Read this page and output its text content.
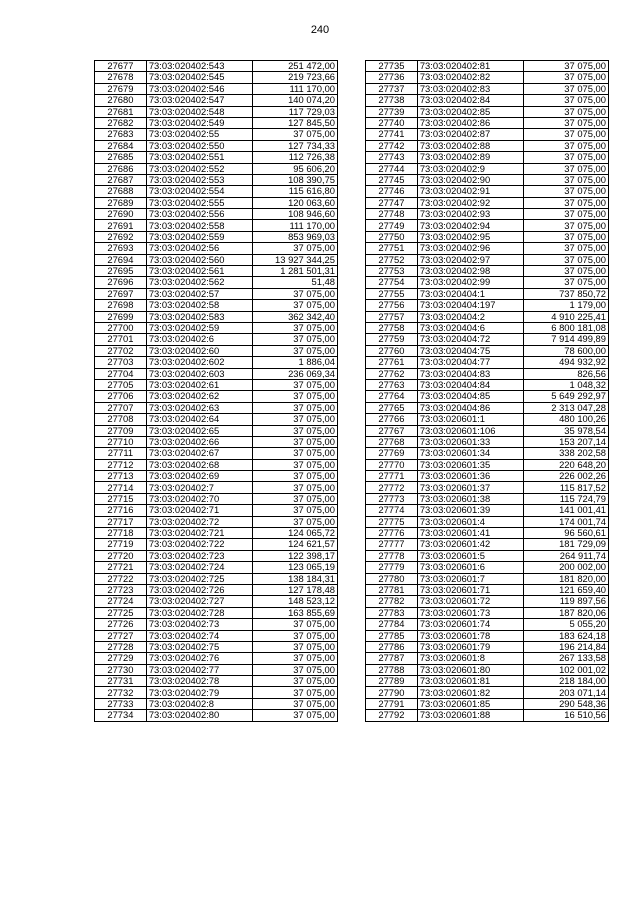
240
27677	73:03:020402:543	251 472,00
27678	73:03:020402:545	219 723,66
27679	73:03:020402:546	111 170,00
27680	73:03:020402:547	140 074,20
27681	73:03:020402:548	117 729,03
27682	73:03:020402:549	127 845,50
27683	73:03:020402:55	37 075,00
27684	73:03:020402:550	127 734,33
27685	73:03:020402:551	112 726,38
27686	73:03:020402:552	95 606,20
27687	73:03:020402:553	108 390,75
27688	73:03:020402:554	115 616,80
27689	73:03:020402:555	120 063,60
27690	73:03:020402:556	108 946,60
27691	73:03:020402:558	111 170,00
27692	73:03:020402:559	853 969,03
27693	73:03:020402:56	37 075,00
27694	73:03:020402:560	13 927 344,25
27695	73:03:020402:561	1 281 501,31
27696	73:03:020402:562	51,48
27697	73:03:020402:57	37 075,00
27698	73:03:020402:58	37 075,00
27699	73:03:020402:583	362 342,40
27700	73:03:020402:59	37 075,00
27701	73:03:020402:6	37 075,00
27702	73:03:020402:60	37 075,00
27703	73:03:020402:602	1 886,04
27704	73:03:020402:603	236 069,34
27705	73:03:020402:61	37 075,00
27706	73:03:020402:62	37 075,00
27707	73:03:020402:63	37 075,00
27708	73:03:020402:64	37 075,00
27709	73:03:020402:65	37 075,00
27710	73:03:020402:66	37 075,00
27711	73:03:020402:67	37 075,00
27712	73:03:020402:68	37 075,00
27713	73:03:020402:69	37 075,00
27714	73:03:020402:7	37 075,00
27715	73:03:020402:70	37 075,00
27716	73:03:020402:71	37 075,00
27717	73:03:020402:72	37 075,00
27718	73:03:020402:721	124 065,72
27719	73:03:020402:722	124 621,57
27720	73:03:020402:723	122 398,17
27721	73:03:020402:724	123 065,19
27722	73:03:020402:725	138 184,31
27723	73:03:020402:726	127 178,48
27724	73:03:020402:727	148 523,12
27725	73:03:020402:728	163 855,69
27726	73:03:020402:73	37 075,00
27727	73:03:020402:74	37 075,00
27728	73:03:020402:75	37 075,00
27729	73:03:020402:76	37 075,00
27730	73:03:020402:77	37 075,00
27731	73:03:020402:78	37 075,00
27732	73:03:020402:79	37 075,00
27733	73:03:020402:8	37 075,00
27734	73:03:020402:80	37 075,00
27735	73:03:020402:81	37 075,00
27736	73:03:020402:82	37 075,00
27737	73:03:020402:83	37 075,00
27738	73:03:020402:84	37 075,00
27739	73:03:020402:85	37 075,00
27740	73:03:020402:86	37 075,00
27741	73:03:020402:87	37 075,00
27742	73:03:020402:88	37 075,00
27743	73:03:020402:89	37 075,00
27744	73:03:020402:9	37 075,00
27745	73:03:020402:90	37 075,00
27746	73:03:020402:91	37 075,00
27747	73:03:020402:92	37 075,00
27748	73:03:020402:93	37 075,00
27749	73:03:020402:94	37 075,00
27750	73:03:020402:95	37 075,00
27751	73:03:020402:96	37 075,00
27752	73:03:020402:97	37 075,00
27753	73:03:020402:98	37 075,00
27754	73:03:020402:99	37 075,00
27755	73:03:020404:1	737 850,72
27756	73:03:020404:197	1 179,00
27757	73:03:020404:2	4 910 225,41
27758	73:03:020404:6	6 800 181,08
27759	73:03:020404:72	7 914 499,89
27760	73:03:020404:75	78 600,00
27761	73:03:020404:77	494 932,92
27762	73:03:020404:83	826,56
27763	73:03:020404:84	1 048,32
27764	73:03:020404:85	5 649 292,97
27765	73:03:020404:86	2 313 047,28
27766	73:03:020601:1	480 100,26
27767	73:03:020601:106	35 978,54
27768	73:03:020601:33	153 207,14
27769	73:03:020601:34	338 202,58
27770	73:03:020601:35	220 648,20
27771	73:03:020601:36	226 002,26
27772	73:03:020601:37	115 817,52
27773	73:03:020601:38	115 724,79
27774	73:03:020601:39	141 001,41
27775	73:03:020601:4	174 001,74
27776	73:03:020601:41	96 560,61
27777	73:03:020601:42	181 729,09
27778	73:03:020601:5	264 911,74
27779	73:03:020601:6	200 002,00
27780	73:03:020601:7	181 820,00
27781	73:03:020601:71	121 659,40
27782	73:03:020601:72	119 897,56
27783	73:03:020601:73	187 820,06
27784	73:03:020601:74	5 055,20
27785	73:03:020601:78	183 624,18
27786	73:03:020601:79	196 214,84
27787	73:03:020601:8	267 133,58
27788	73:03:020601:80	102 001,02
27789	73:03:020601:81	218 184,00
27790	73:03:020601:82	203 071,14
27791	73:03:020601:85	290 548,36
27792	73:03:020601:88	16 510,56
